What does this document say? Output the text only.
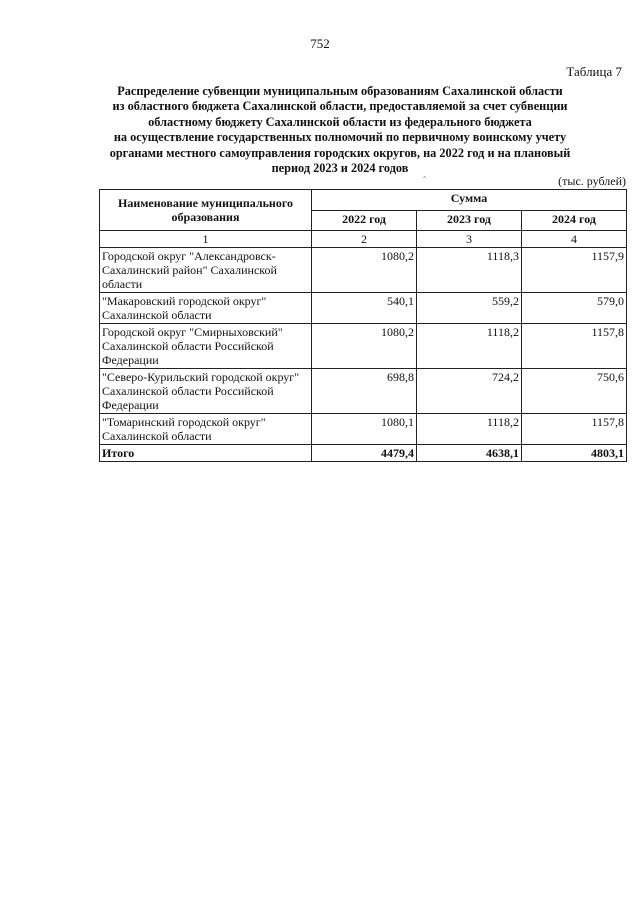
752
Таблица 7
Распределение субвенции муниципальным образованиям Сахалинской области
из областного бюджета Сахалинской области, предоставляемой за счет субвенции
областному бюджету Сахалинской области из федерального бюджета
на осуществление государственных полномочий по первичному воинскому учету
органами местного самоуправления городских округов, на 2022 год и на плановый
период 2023 и 2024 годов	‸
(тыс. рублей)
Наименование муниципального образования	Сумма		
	2022 год	2023 год	2024 год
1	2	3	4
Городской округ "Александровск-Сахалинский район" Сахалинской области	1080,2	1118,3	1157,9
"Макаровский городской округ" Сахалинской области	540,1	559,2	579,0
Городской округ "Смирныховский" Сахалинской области Российской Федерации	1080,2	1118,2	1157,8
"Северо-Курильский городской округ" Сахалинской области Российской Федерации	698,8	724,2	750,6
"Томаринский городской округ" Сахалинской области	1080,1	1118,2	1157,8
Итого	4479,4	4638,1	4803,1
